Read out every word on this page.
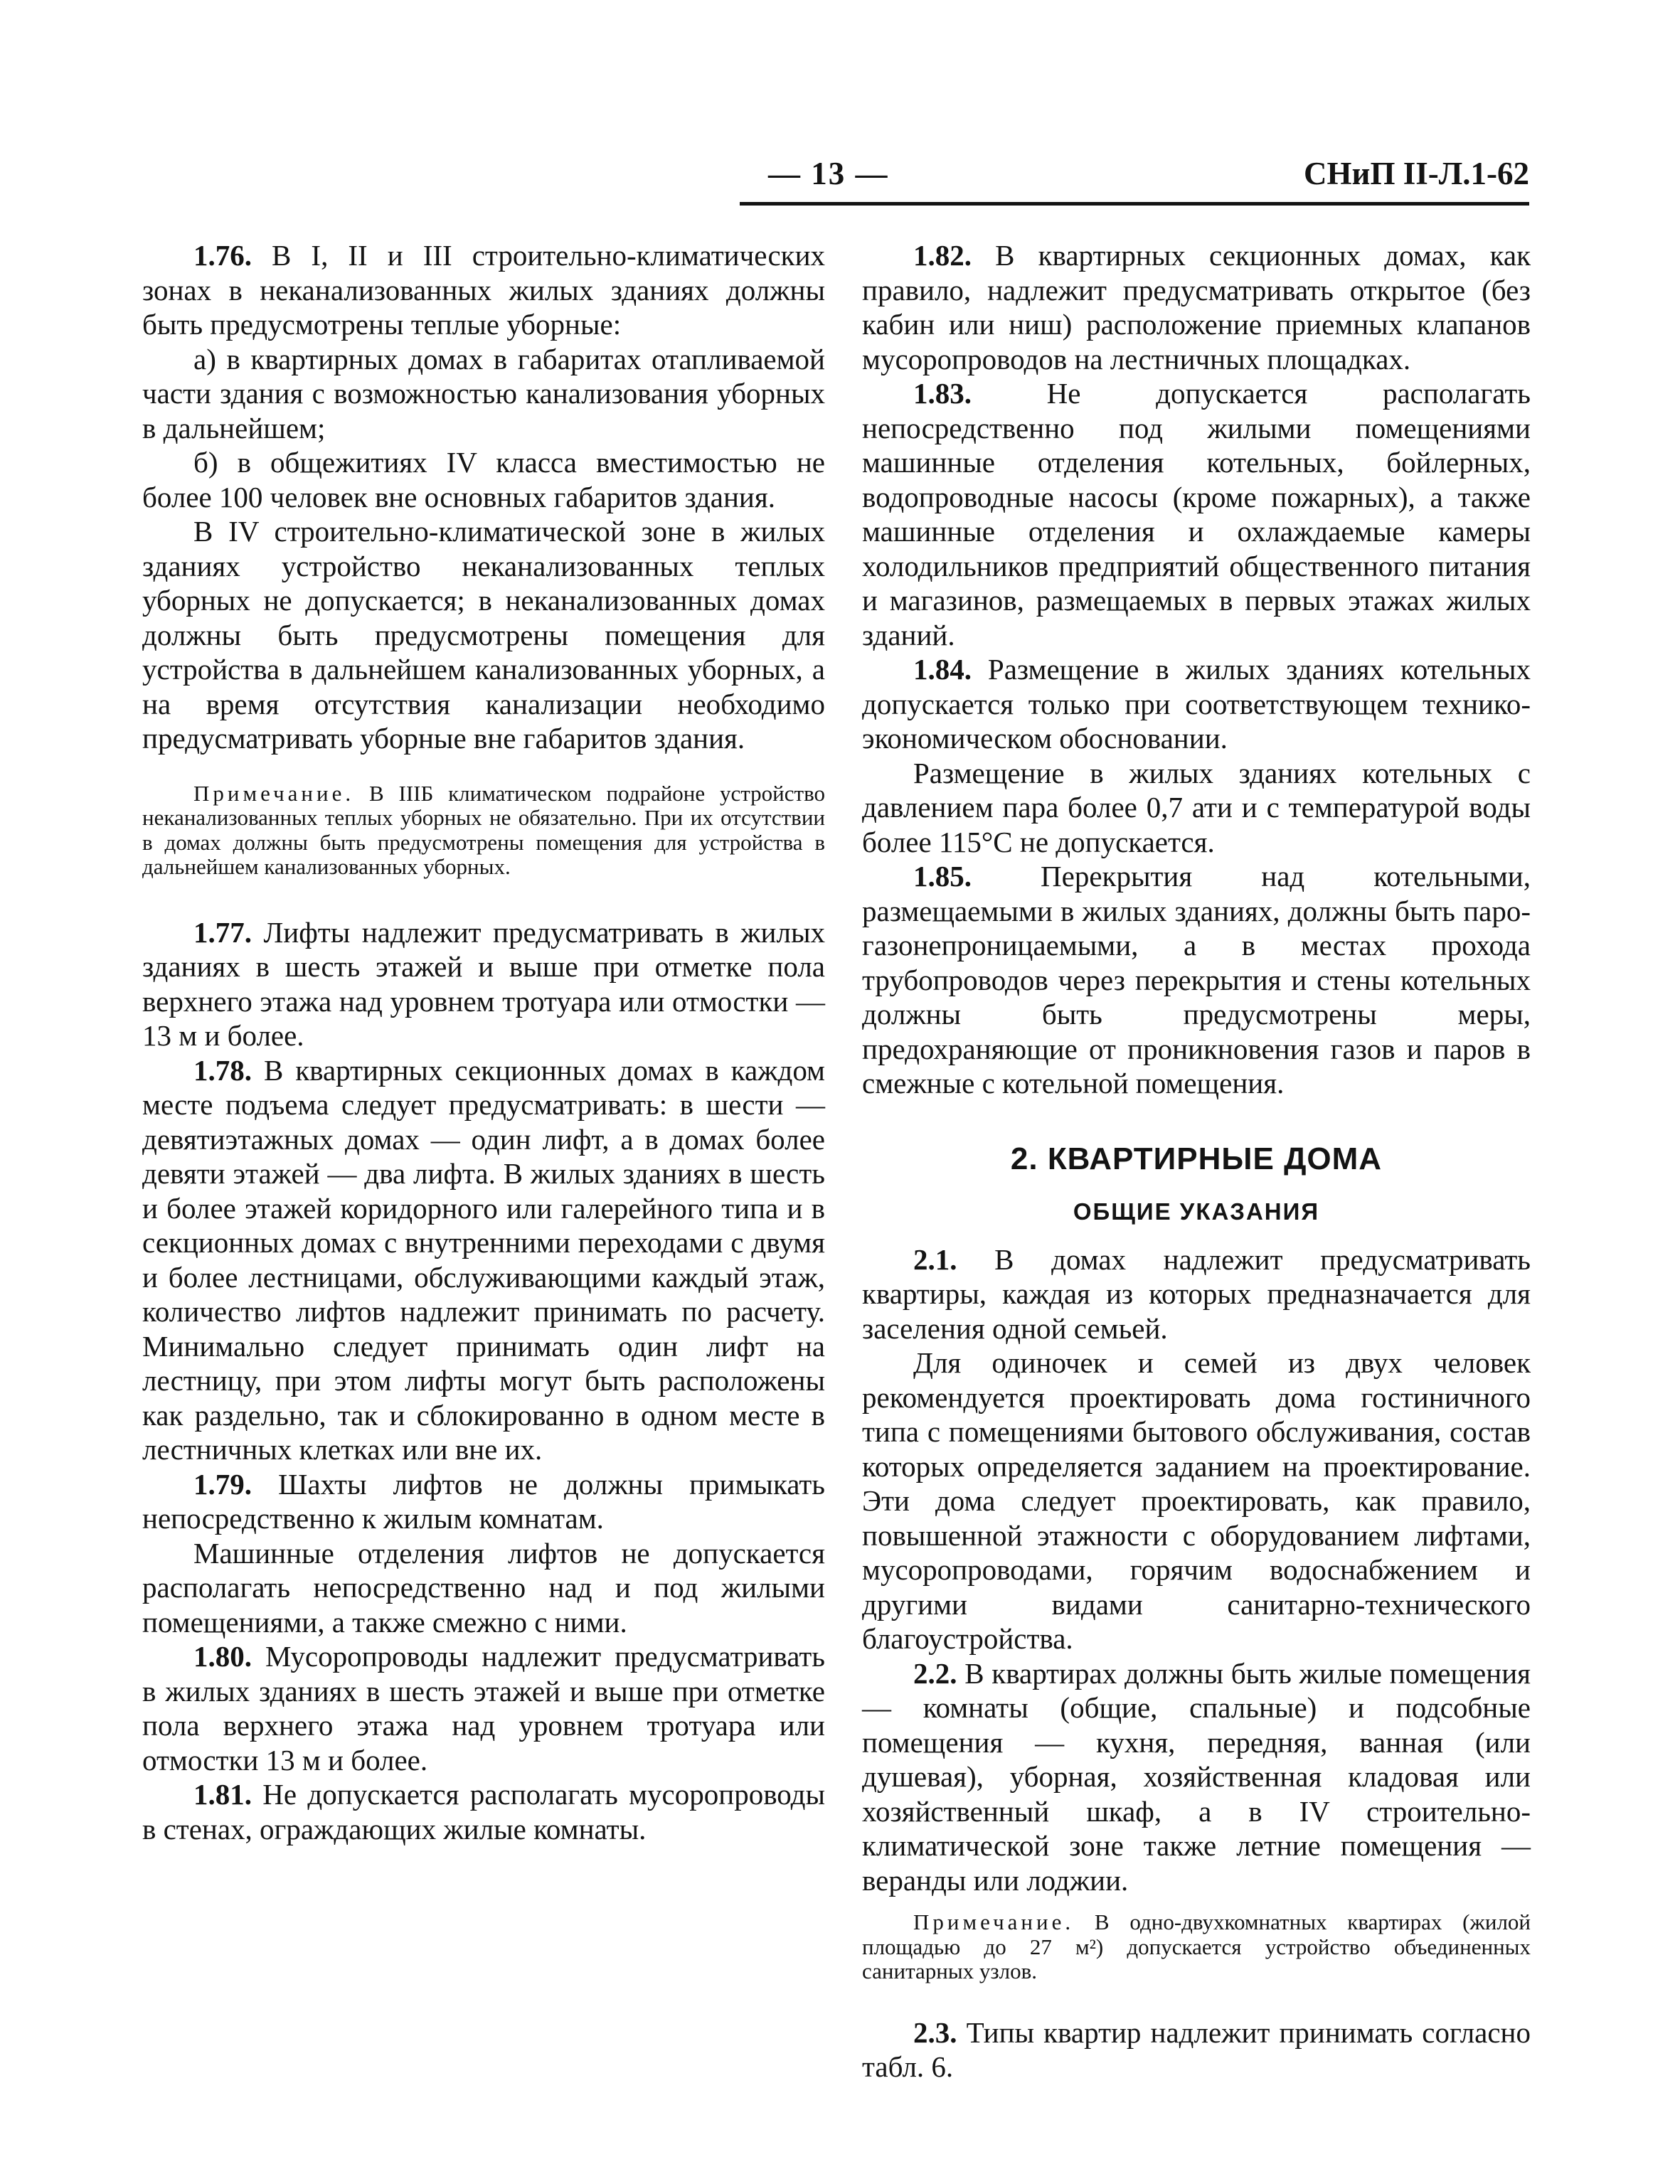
— 13 —	СНиП II-Л.1-62

1.76. В I, II и III строительно-климатических зонах в неканализованных жилых зданиях должны быть предусмотрены теплые уборные:

а) в квартирных домах в габаритах отапливаемой части здания с возможностью канализования уборных в дальнейшем;

б) в общежитиях IV класса вместимостью не более 100 человек вне основных габаритов здания.

В IV строительно-климатической зоне в жилых зданиях устройство неканализованных теплых уборных не допускается; в неканализованных домах должны быть предусмотрены помещения для устройства в дальнейшем канализованных уборных, а на время отсутствия канализации необходимо предусматривать уборные вне габаритов здания.

Примечание. В IIIБ климатическом подрайоне устройство неканализованных теплых уборных не обязательно. При их отсутствии в домах должны быть предусмотрены помещения для устройства в дальнейшем канализованных уборных.

1.77. Лифты надлежит предусматривать в жилых зданиях в шесть этажей и выше при отметке пола верхнего этажа над уровнем тротуара или отмостки — 13 м и более.

1.78. В квартирных секционных домах в каждом месте подъема следует предусматривать: в шести — девятиэтажных домах — один лифт, а в домах более девяти этажей — два лифта. В жилых зданиях в шесть и более этажей коридорного или галерейного типа и в секционных домах с внутренними переходами с двумя и более лестницами, обслуживающими каждый этаж, количество лифтов надлежит принимать по расчету. Минимально следует принимать один лифт на лестницу, при этом лифты могут быть расположены как раздельно, так и сблокированно в одном месте в лестничных клетках или вне их.

1.79. Шахты лифтов не должны примыкать непосредственно к жилым комнатам.

Машинные отделения лифтов не допускается располагать непосредственно над и под жилыми помещениями, а также смежно с ними.

1.80. Мусоропроводы надлежит предусматривать в жилых зданиях в шесть этажей и выше при отметке пола верхнего этажа над уровнем тротуара или отмостки 13 м и более.

1.81. Не допускается располагать мусоропроводы в стенах, ограждающих жилые комнаты.

1.82. В квартирных секционных домах, как правило, надлежит предусматривать открытое (без кабин или ниш) расположение приемных клапанов мусоропроводов на лестничных площадках.

1.83.	Не допускается располагать непосредственно под жилыми помещениями машинные отделения котельных, бойлерных, водопроводные насосы (кроме пожарных), а также машинные отделения и охлаждаемые камеры холодильников предприятий общественного питания и магазинов, размещаемых в первых этажах жилых зданий.

1.84. Размещение в жилых зданиях котельных допускается только при соответствующем технико-экономическом обосновании.

Размещение в жилых зданиях котельных с давлением пара более 0,7 ати и с температурой воды более 115°С не допускается.

1.85. Перекрытия над котельными, размещаемыми в жилых зданиях, должны быть паро-газонепроницаемыми, а в местах прохода трубопроводов через перекрытия и стены котельных должны быть предусмотрены меры, предохраняющие от проникновения газов и паров в смежные с котельной помещения.

2. КВАРТИРНЫЕ ДОМА
ОБЩИЕ УКАЗАНИЯ

2.1. В домах надлежит предусматривать квартиры, каждая из которых предназначается для заселения одной семьей.

Для одиночек и семей из двух человек рекомендуется проектировать дома гостиничного типа с помещениями бытового обслуживания, состав которых определяется заданием на проектирование. Эти дома следует проектировать, как правило, повышенной этажности с оборудованием лифтами, мусоропроводами, горячим водоснабжением и другими видами санитарно-технического благоустройства.

2.2. В квартирах должны быть жилые помещения — комнаты (общие, спальные) и подсобные помещения — кухня, передняя, ванная (или душевая), уборная, хозяйственная кладовая или хозяйственный шкаф, а в IV строительно-климатической зоне также летние помещения — веранды или лоджии.

Примечание. В одно-двухкомнатных квартирах (жилой площадью до 27 м²) допускается устройство объединенных санитарных узлов.

2.3. Типы квартир надлежит принимать согласно табл. 6.
